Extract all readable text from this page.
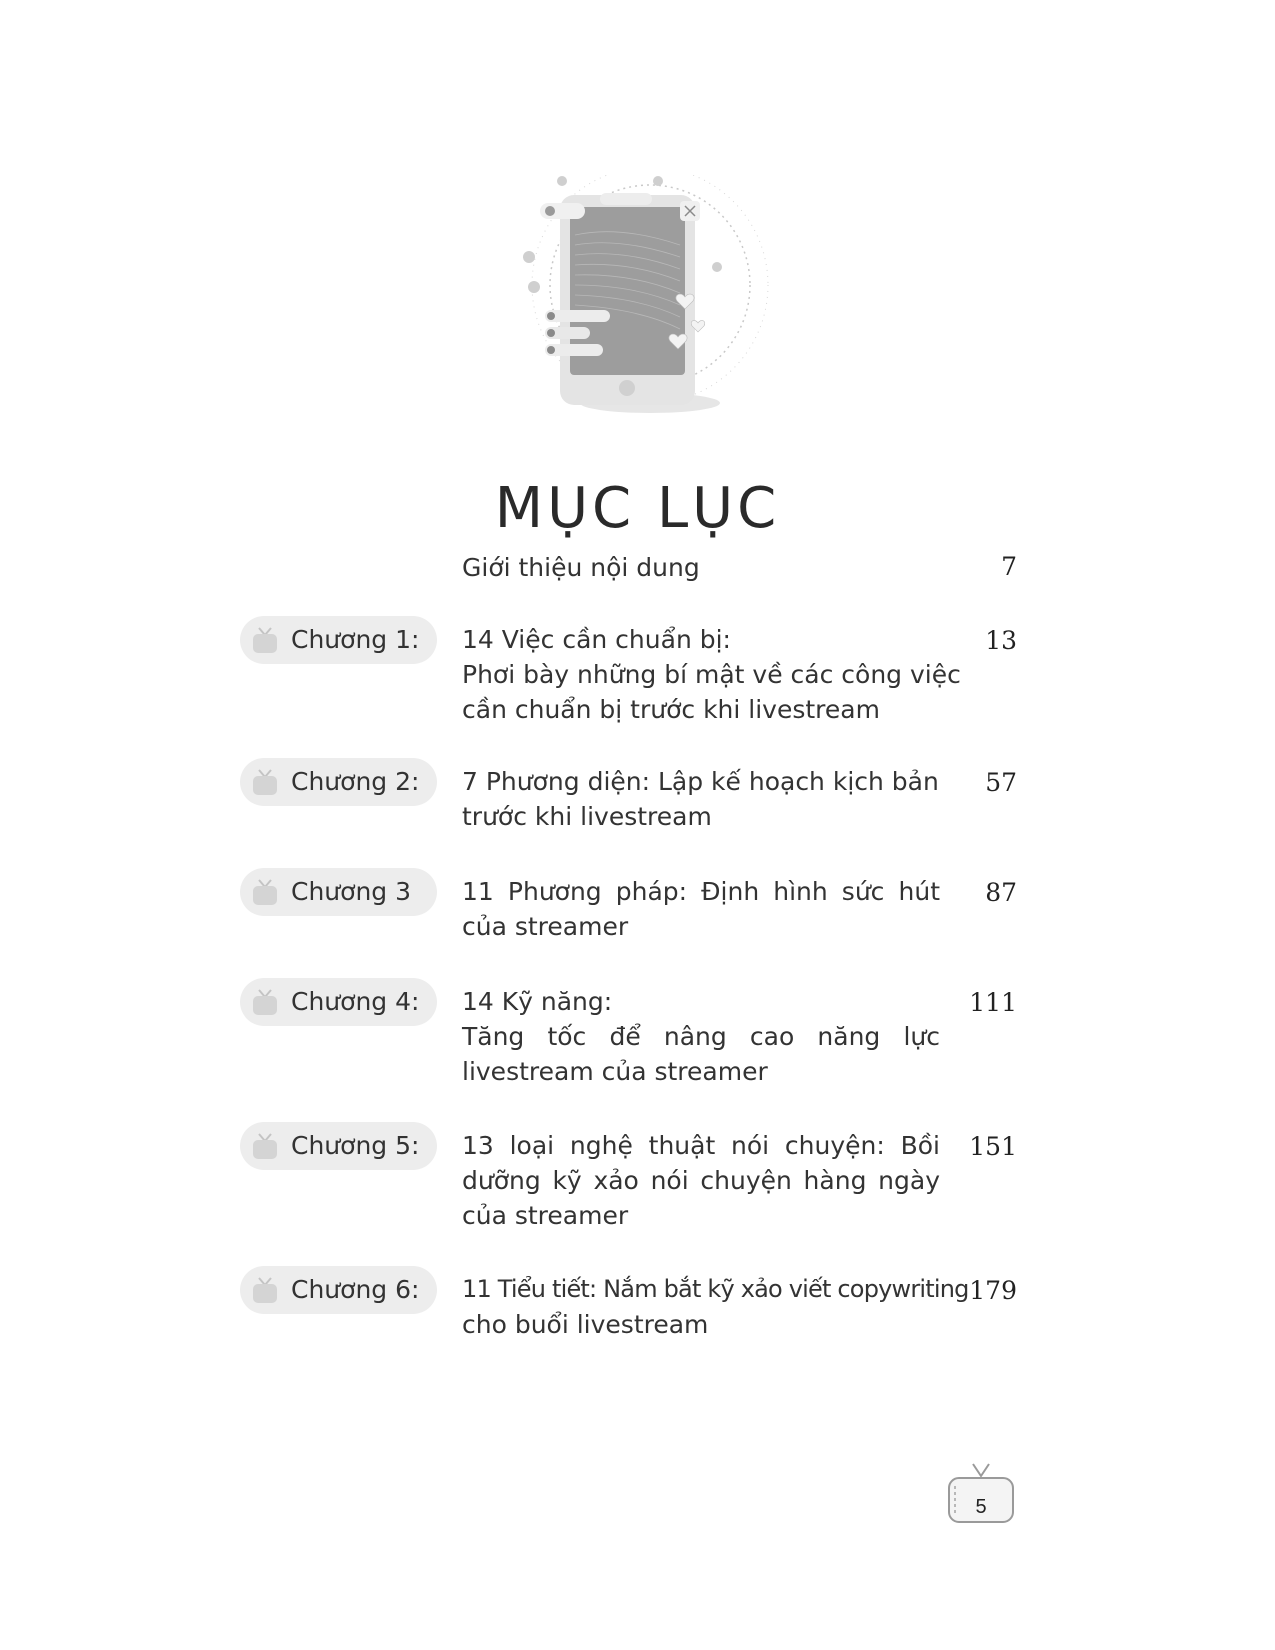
MỤC LỤC
Giới thiệu nội dung	7
Chương 1: 14 Việc cần chuẩn bị:
Phơi bày những bí mật về các công việc
cần chuẩn bị trước khi livestream
13
Chương 2: 7 Phương diện: Lập kế hoạch kịch bản
trước khi livestream
57
Chương 3 11 Phương pháp: Định hình sức hút
của streamer
87
Chương 4: 14 Kỹ năng:
Tăng tốc để nâng cao năng lực
livestream của streamer
111
Chương 5: 13 loại nghệ thuật nói chuyện: Bồi
dưỡng kỹ xảo nói chuyện hàng ngày
của streamer
151
Chương 6: 11 Tiểu tiết: Nắm bắt kỹ xảo viết copywriting
cho buổi livestream
179
5
